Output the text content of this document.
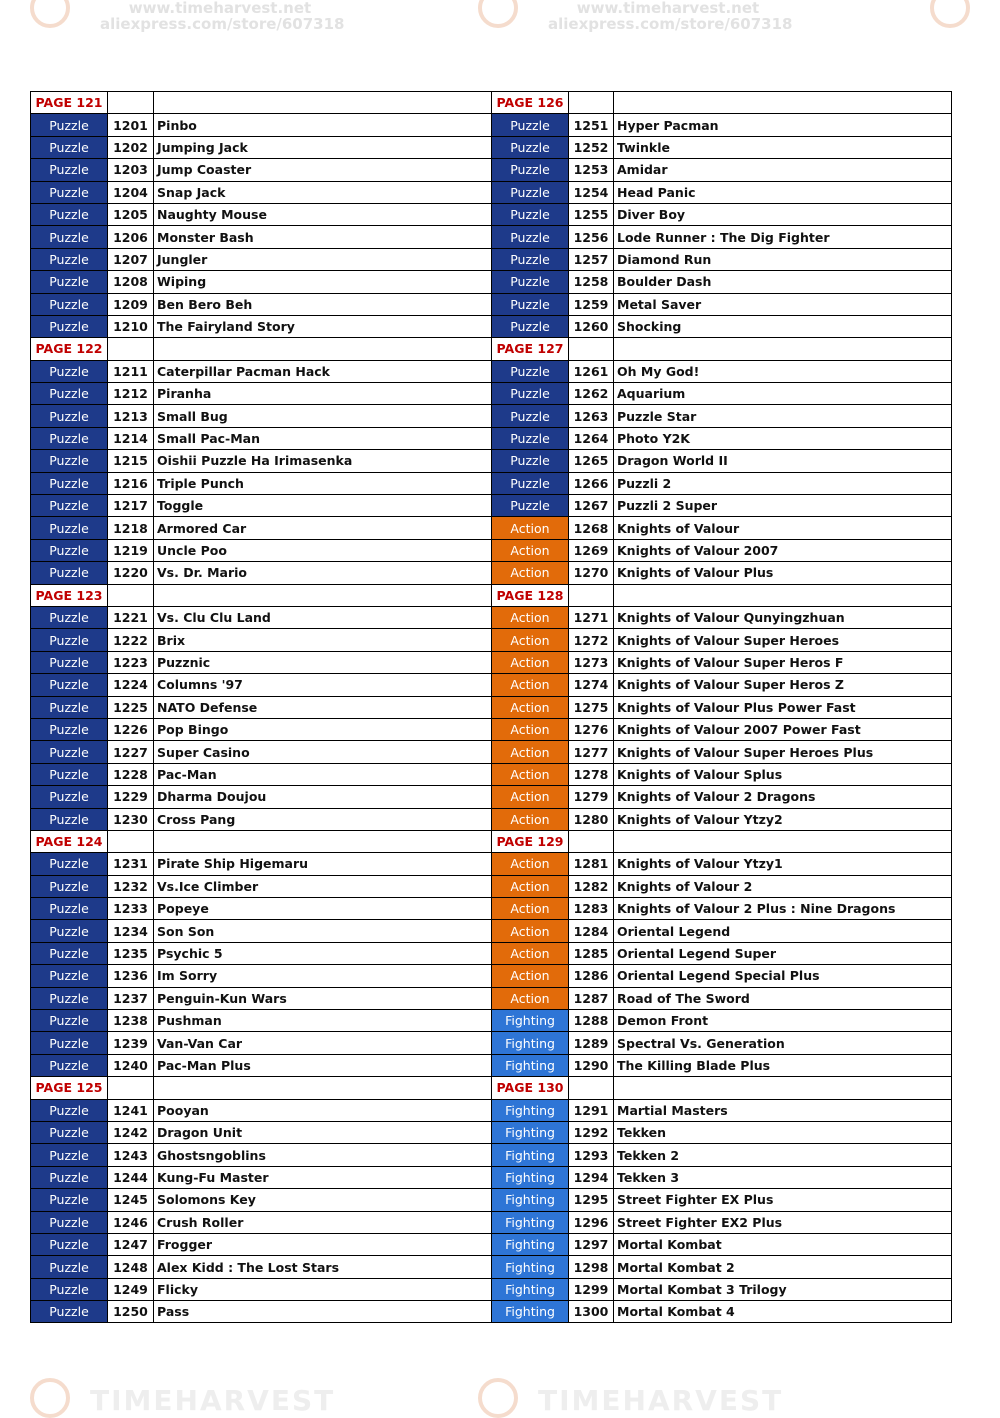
www.timeharvest.net
aliexpress.com/store/607318
www.timeharvest.net
aliexpress.com/store/607318
TIMEHARVEST	TIMEHARVEST
PAGE 121		
Puzzle	1201	Pinbo
Puzzle	1202	Jumping Jack
Puzzle	1203	Jump Coaster
Puzzle	1204	Snap Jack
Puzzle	1205	Naughty Mouse
Puzzle	1206	Monster Bash
Puzzle	1207	Jungler
Puzzle	1208	Wiping
Puzzle	1209	Ben Bero Beh
Puzzle	1210	The Fairyland Story
PAGE 122		
Puzzle	1211	Caterpillar Pacman Hack
Puzzle	1212	Piranha
Puzzle	1213	Small Bug
Puzzle	1214	Small Pac-Man
Puzzle	1215	Oishii Puzzle Ha Irimasenka
Puzzle	1216	Triple Punch
Puzzle	1217	Toggle
Puzzle	1218	Armored Car
Puzzle	1219	Uncle Poo
Puzzle	1220	Vs. Dr. Mario
PAGE 123		
Puzzle	1221	Vs. Clu Clu Land
Puzzle	1222	Brix
Puzzle	1223	Puzznic
Puzzle	1224	Columns '97
Puzzle	1225	NATO Defense
Puzzle	1226	Pop Bingo
Puzzle	1227	Super Casino
Puzzle	1228	Pac-Man
Puzzle	1229	Dharma Doujou
Puzzle	1230	Cross Pang
PAGE 124		
Puzzle	1231	Pirate Ship Higemaru
Puzzle	1232	Vs.Ice Climber
Puzzle	1233	Popeye
Puzzle	1234	Son Son
Puzzle	1235	Psychic 5
Puzzle	1236	Im Sorry
Puzzle	1237	Penguin-Kun Wars
Puzzle	1238	Pushman
Puzzle	1239	Van-Van Car
Puzzle	1240	Pac-Man Plus
PAGE 125		
Puzzle	1241	Pooyan
Puzzle	1242	Dragon Unit
Puzzle	1243	Ghostsngoblins
Puzzle	1244	Kung-Fu Master
Puzzle	1245	Solomons Key
Puzzle	1246	Crush Roller
Puzzle	1247	Frogger
Puzzle	1248	Alex Kidd : The Lost Stars
Puzzle	1249	Flicky
Puzzle	1250	Pass
PAGE 126		
Puzzle	1251	Hyper Pacman
Puzzle	1252	Twinkle
Puzzle	1253	Amidar
Puzzle	1254	Head Panic
Puzzle	1255	Diver Boy
Puzzle	1256	Lode Runner : The Dig Fighter
Puzzle	1257	Diamond Run
Puzzle	1258	Boulder Dash
Puzzle	1259	Metal Saver
Puzzle	1260	Shocking
PAGE 127		
Puzzle	1261	Oh My God!
Puzzle	1262	Aquarium
Puzzle	1263	Puzzle Star
Puzzle	1264	Photo Y2K
Puzzle	1265	Dragon World II
Puzzle	1266	Puzzli 2
Puzzle	1267	Puzzli 2 Super
Action	1268	Knights of Valour
Action	1269	Knights of Valour 2007
Action	1270	Knights of Valour Plus
PAGE 128		
Action	1271	Knights of Valour Qunyingzhuan
Action	1272	Knights of Valour Super Heroes
Action	1273	Knights of Valour Super Heros F
Action	1274	Knights of Valour Super Heros Z
Action	1275	Knights of Valour Plus Power Fast
Action	1276	Knights of Valour 2007 Power Fast
Action	1277	Knights of Valour Super Heroes Plus
Action	1278	Knights of Valour Splus
Action	1279	Knights of Valour 2 Dragons
Action	1280	Knights of Valour Ytzy2
PAGE 129		
Action	1281	Knights of Valour Ytzy1
Action	1282	Knights of Valour 2
Action	1283	Knights of Valour 2 Plus : Nine Dragons
Action	1284	Oriental Legend
Action	1285	Oriental Legend Super
Action	1286	Oriental Legend Special Plus
Action	1287	Road of The Sword
Fighting	1288	Demon Front
Fighting	1289	Spectral Vs. Generation
Fighting	1290	The Killing Blade Plus
PAGE 130		
Fighting	1291	Martial Masters
Fighting	1292	Tekken
Fighting	1293	Tekken 2
Fighting	1294	Tekken 3
Fighting	1295	Street Fighter EX Plus
Fighting	1296	Street Fighter EX2 Plus
Fighting	1297	Mortal Kombat
Fighting	1298	Mortal Kombat 2
Fighting	1299	Mortal Kombat 3 Trilogy
Fighting	1300	Mortal Kombat 4
